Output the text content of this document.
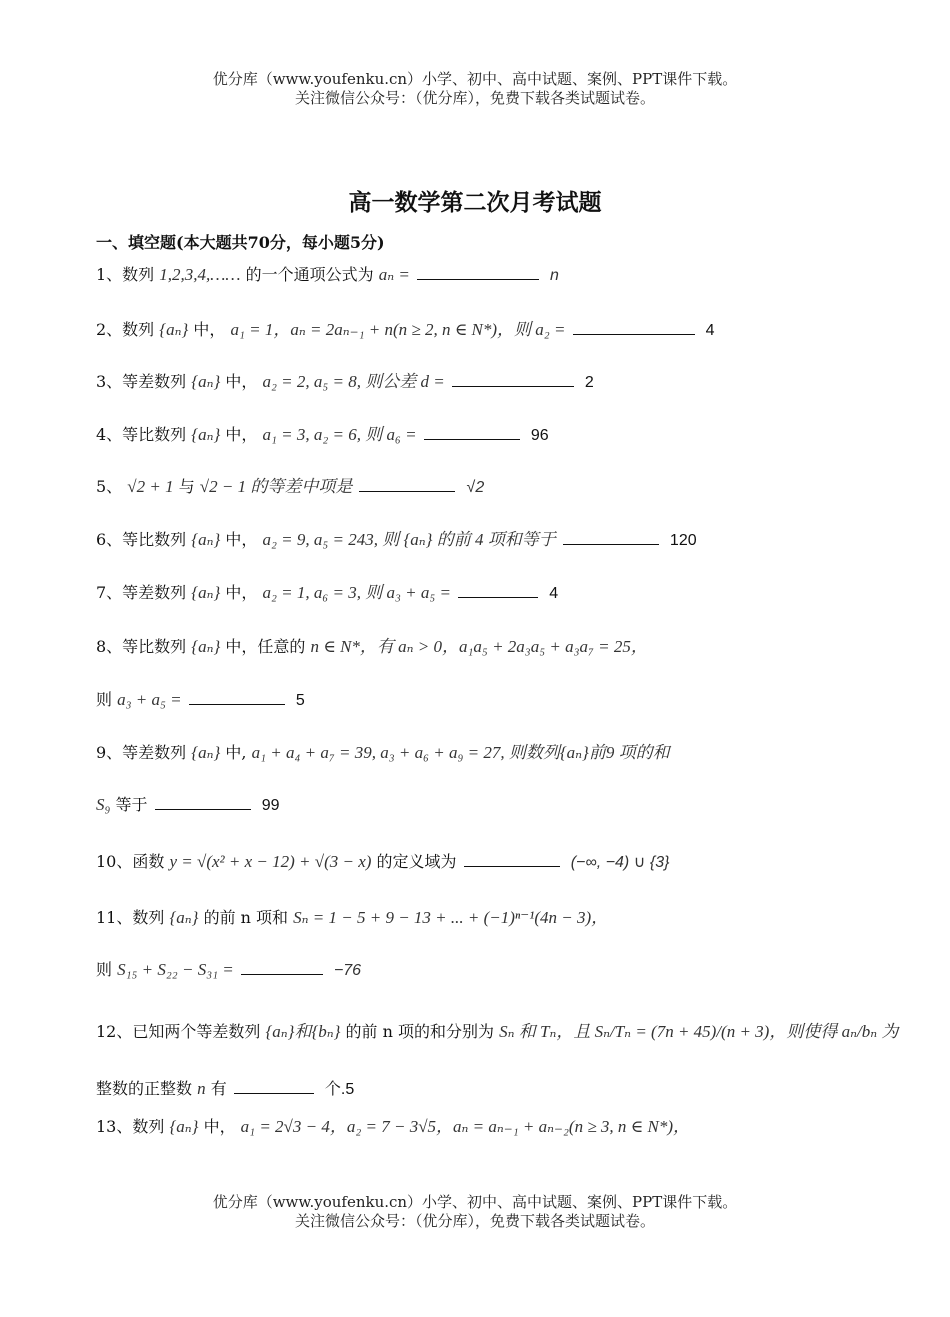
优分库（www.youfenku.cn）小学、初中、高中试题、案例、PPT课件下载。
关注微信公众号：（优分库），免费下载各类试题试卷。
高一数学第二次月考试题
一、填空题(本大题共70分，每小题5分)
1、数列 1,2,3,4,…… 的一个通项公式为 aₙ =	n
2、数列 {aₙ} 中， a₁ = 1，aₙ = 2aₙ₋₁ + n(n ≥ 2, n ∈ N*)，则 a₂ =	4
3、等差数列 {aₙ} 中， a₂ = 2, a₅ = 8, 则公差 d =	2
4、等比数列 {aₙ} 中， a₁ = 3, a₂ = 6, 则 a₆ =	96
5、 √2 + 1 与 √2 − 1 的等差中项是	√2
6、等比数列 {aₙ} 中， a₂ = 9, a₅ = 243, 则 {aₙ} 的前 4 项和等于	120
7、等差数列 {aₙ} 中， a₂ = 1, a₆ = 3, 则 a₃ + a₅ =	4
8、等比数列 {aₙ} 中，任意的 n ∈ N*，有 aₙ > 0，a₁a₅ + 2a₃a₅ + a₃a₇ = 25，
则 a₃ + a₅ =	5
9、等差数列 {aₙ} 中, a₁ + a₄ + a₇ = 39, a₃ + a₆ + a₉ = 27, 则数列{aₙ}前9 项的和
S₉ 等于	99
10、函数 y = √(x² + x − 12) + √(3 − x) 的定义域为	(−∞, −4) ∪ {3}
11、数列 {aₙ} 的前 n 项和 Sₙ = 1 − 5 + 9 − 13 + ... + (−1)ⁿ⁻¹(4n − 3)，
则 S₁₅ + S₂₂ − S₃₁ =	−76
12、已知两个等差数列 {aₙ}和{bₙ} 的前 n 项的和分别为 Sₙ 和 Tₙ，且 Sₙ/Tₙ = (7n + 45)/(n + 3)，则使得 aₙ/bₙ 为
整数的正整数 n 有	个.5
13、数列 {aₙ} 中， a₁ = 2√3 − 4，a₂ = 7 − 3√5，aₙ = aₙ₋₁ + aₙ₋₂(n ≥ 3, n ∈ N*)，
优分库（www.youfenku.cn）小学、初中、高中试题、案例、PPT课件下载。
关注微信公众号：（优分库），免费下载各类试题试卷。
